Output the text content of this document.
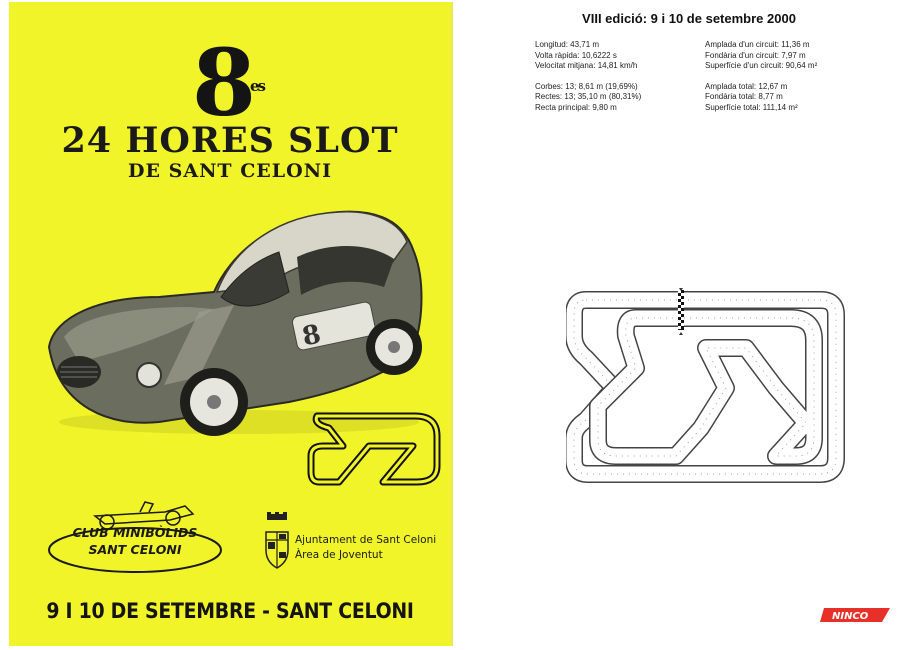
$8^{es}$
24 HORES SLOT
DE SANT CELONI
8
CLUB MINIBÒLIDS
SANT CELONI
Ajuntament de Sant Celoni
Àrea de Joventut
9 I 10 DE SETEMBRE - SANT CELONI
VIII edició: 9 i 10 de setembre 2000
Longitud: 43,71 m
Volta ràpida: 10,6222 s
Velocitat mitjana: 14,81 km/h
Corbes: 13; 8,61 m (19,69%)
Rectes: 13; 35,10 m (80,31%)
Recta principal: 9,80 m
Amplada d'un circuit: 11,36 m
Fondària d'un circuit: 7,97 m
Superfície d'un circuit: 90,64 m²
Amplada total: 12,67 m
Fondària total: 8,77 m
Superfície total: 111,14 m²
NINCO
